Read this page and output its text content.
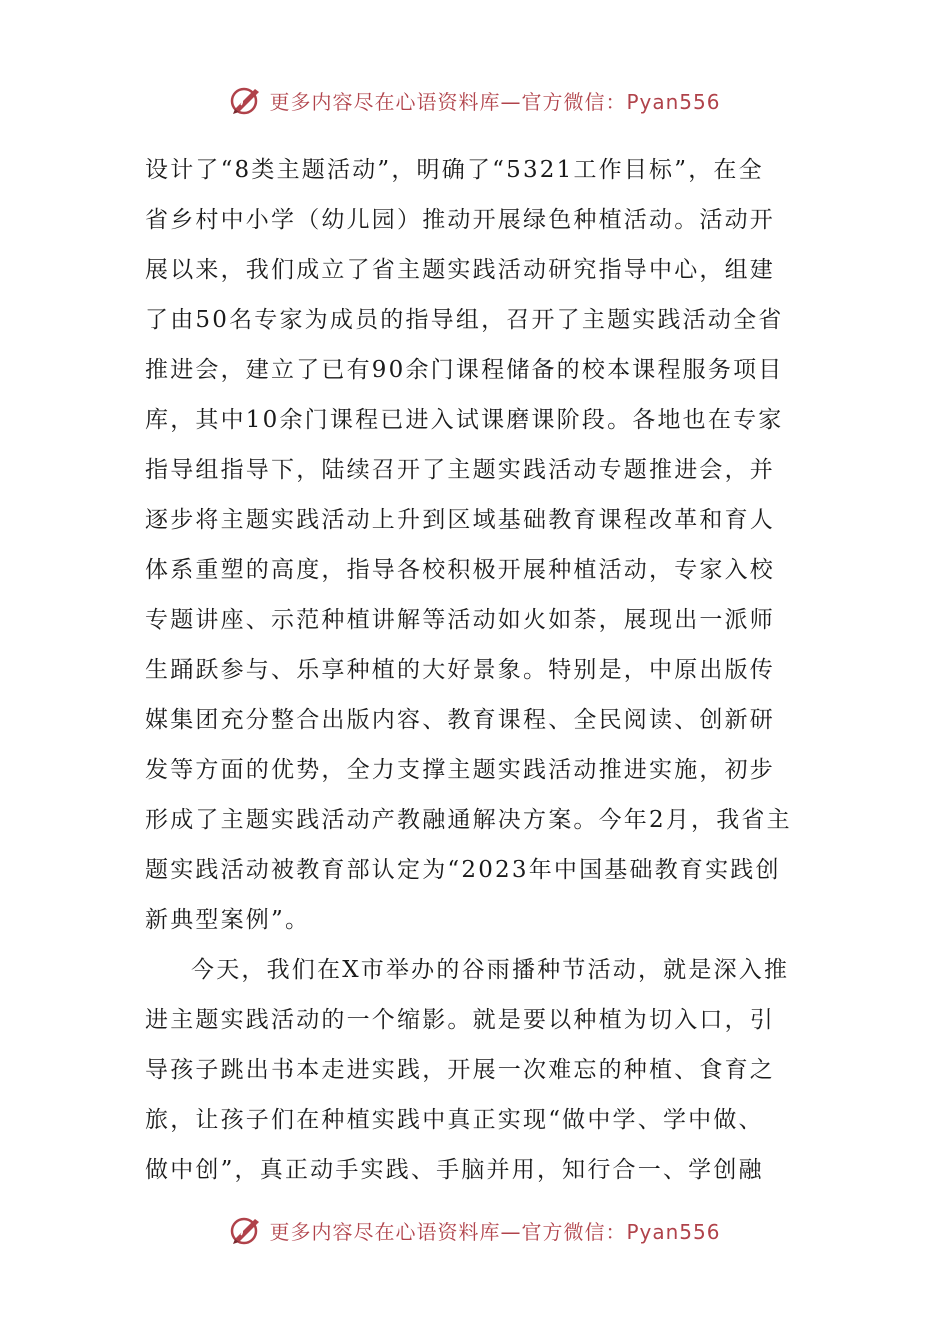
更多内容尽在心语资料库—官方微信：Pyan556
设计了“8类主题活动”，明确了“5321工作目标”，在全
省乡村中小学（幼儿园）推动开展绿色种植活动。活动开
展以来，我们成立了省主题实践活动研究指导中心，组建
了由50名专家为成员的指导组，召开了主题实践活动全省
推进会，建立了已有90余门课程储备的校本课程服务项目
库，其中10余门课程已进入试课磨课阶段。各地也在专家
指导组指导下，陆续召开了主题实践活动专题推进会，并
逐步将主题实践活动上升到区域基础教育课程改革和育人
体系重塑的高度，指导各校积极开展种植活动，专家入校
专题讲座、示范种植讲解等活动如火如荼，展现出一派师
生踊跃参与、乐享种植的大好景象。特别是，中原出版传
媒集团充分整合出版内容、教育课程、全民阅读、创新研
发等方面的优势，全力支撑主题实践活动推进实施，初步
形成了主题实践活动产教融通解决方案。今年2月，我省主
题实践活动被教育部认定为“2023年中国基础教育实践创
新典型案例”。
今天，我们在X市举办的谷雨播种节活动，就是深入推
进主题实践活动的一个缩影。就是要以种植为切入口，引
导孩子跳出书本走进实践，开展一次难忘的种植、食育之
旅，让孩子们在种植实践中真正实现“做中学、学中做、
做中创”，真正动手实践、手脑并用，知行合一、学创融
更多内容尽在心语资料库—官方微信：Pyan556
